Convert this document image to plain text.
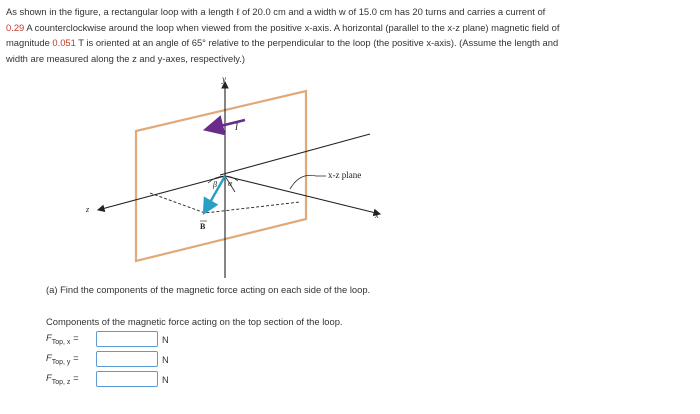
As shown in the figure, a rectangular loop with a length ℓ of 20.0 cm and a width w of 15.0 cm has 20 turns and carries a current of
0.29 A counterclockwise around the loop when viewed from the positive x-axis. A horizontal (parallel to the x-z plane) magnetic field of
magnitude 0.051 T is oriented at an angle of 65° relative to the perpendicular to the loop (the positive x-axis). (Assume the length and
width are measured along the z and y-axes, respectively.)
y
x
z
I
x-z plane
β α
B
(a) Find the components of the magnetic force acting on each side of the loop.
Components of the magnetic force acting on the top section of the loop.
$F_{Top, x}$ =	N
$F_{Top, y}$ =	N
$F_{Top, z}$ =	N
